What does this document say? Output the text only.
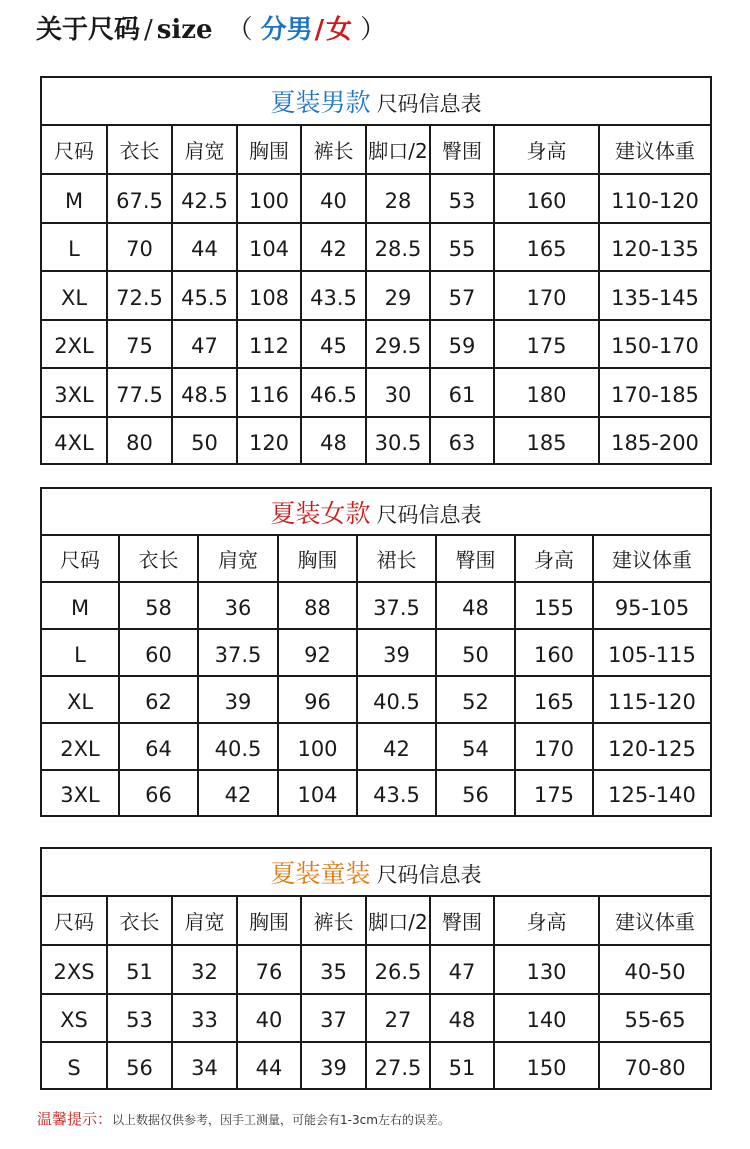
关于尺码 / size （ 分男/女 ）
夏装男款 尺码信息表								
尺码	衣长	肩宽	胸围	裤长	脚口/2	臀围	身高	建议体重
M	67.5	42.5	100	40	28	53	160	110-120
L	70	44	104	42	28.5	55	165	120-135
XL	72.5	45.5	108	43.5	29	57	170	135-145
2XL	75	47	112	45	29.5	59	175	150-170
3XL	77.5	48.5	116	46.5	30	61	180	170-185
4XL	80	50	120	48	30.5	63	185	185-200
夏装女款 尺码信息表							
尺码	衣长	肩宽	胸围	裙长	臀围	身高	建议体重
M	58	36	88	37.5	48	155	95-105
L	60	37.5	92	39	50	160	105-115
XL	62	39	96	40.5	52	165	115-120
2XL	64	40.5	100	42	54	170	120-125
3XL	66	42	104	43.5	56	175	125-140
夏装童装 尺码信息表								
尺码	衣长	肩宽	胸围	裤长	脚口/2	臀围	身高	建议体重
2XS	51	32	76	35	26.5	47	130	40-50
XS	53	33	40	37	27	48	140	55-65
S	56	34	44	39	27.5	51	150	70-80
温馨提示：以上数据仅供参考，因手工测量，可能会有1-3cm左右的误差。
